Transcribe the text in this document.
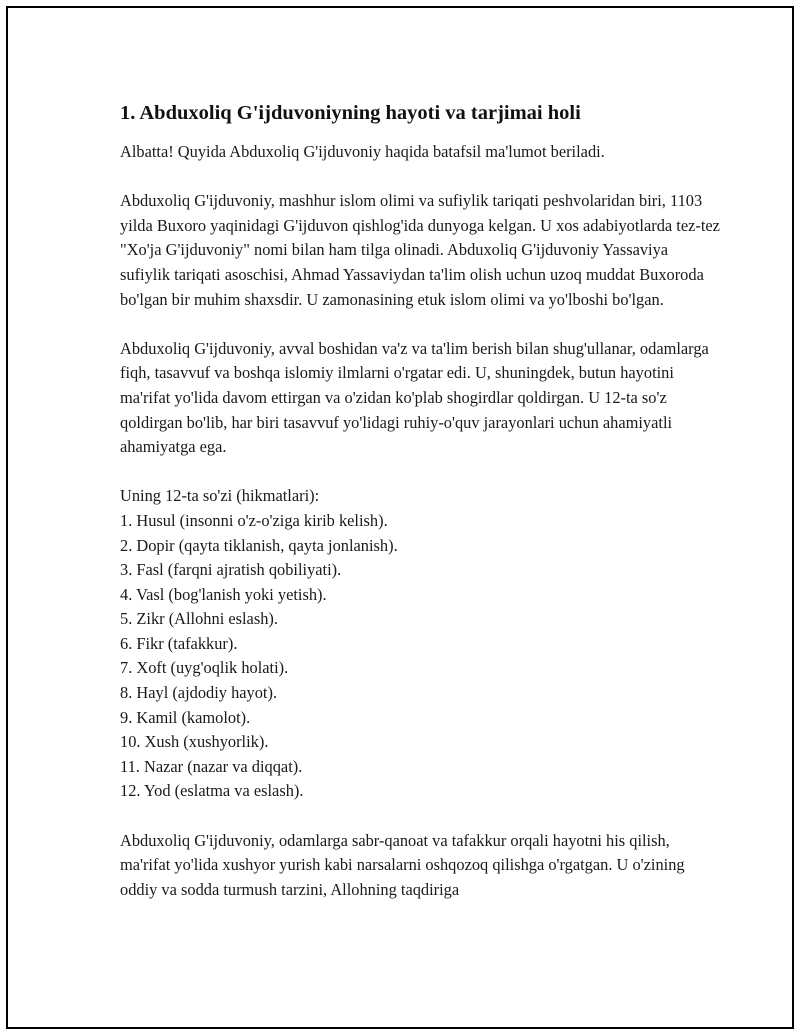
1. Abduxoliq G'ijduvoniyning hayoti va tarjimai holi

Albatta! Quyida Abduxoliq G'ijduvoniy haqida batafsil ma'lumot beriladi.

Abduxoliq G'ijduvoniy, mashhur islom olimi va sufiylik tariqati peshvolaridan biri, 1103 yilda Buxoro yaqinidagi G'ijduvon qishlog'ida dunyoga kelgan. U xos adabiyotlarda tez-tez "Xo'ja G'ijduvoniy" nomi bilan ham tilga olinadi. Abduxoliq G'ijduvoniy Yassaviya sufiylik tariqati asoschisi, Ahmad Yassaviydan ta'lim olish uchun uzoq muddat Buxoroda bo'lgan bir muhim shaxsdir. U zamonasining etuk islom olimi va yo'lboshi bo'lgan.

Abduxoliq G'ijduvoniy, avval boshidan va'z va ta'lim berish bilan shug'ullanar, odamlarga fiqh, tasavvuf va boshqa islomiy ilmlarni o'rgatar edi. U, shuningdek, butun hayotini ma'rifat yo'lida davom ettirgan va o'zidan ko'plab shogirdlar qoldirgan. U 12-ta so'z qoldirgan bo'lib, har biri tasavvuf yo'lidagi ruhiy-o'quv jarayonlari uchun ahamiyatli ahamiyatga ega.

Uning 12-ta so'zi (hikmatlari):
1. Husul (insonni o'z-o'ziga kirib kelish).
2. Dopir (qayta tiklanish, qayta jonlanish).
3. Fasl (farqni ajratish qobiliyati).
4. Vasl (bog'lanish yoki yetish).
5. Zikr (Allohni eslash).
6. Fikr (tafakkur).
7. Xoft (uyg'oqlik holati).
8. Hayl (ajdodiy hayot).
9. Kamil (kamolot).
10. Xush (xushyorlik).
11. Nazar (nazar va diqqat).
12. Yod (eslatma va eslash).

Abduxoliq G'ijduvoniy, odamlarga sabr-qanoat va tafakkur orqali hayotni his qilish, ma'rifat yo'lida xushyor yurish kabi narsalarni oshqozoq qilishga o'rgatgan. U o'zining oddiy va sodda turmush tarzini, Allohning taqdiriga
